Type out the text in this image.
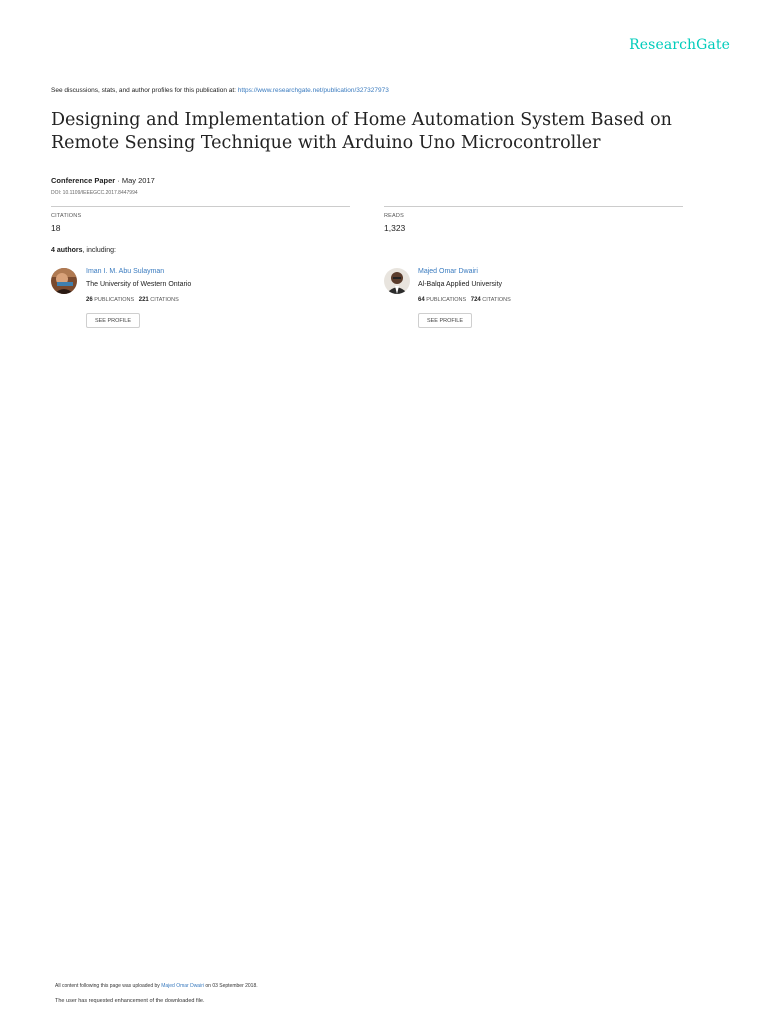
ResearchGate
See discussions, stats, and author profiles for this publication at: https://www.researchgate.net/publication/327327973
Designing and Implementation of Home Automation System Based on
Remote Sensing Technique with Arduino Uno Microcontroller
Conference Paper · May 2017
DOI: 10.1109/IEEEGCC.2017.8447994
CITATIONS
18
READS
1,323
4 authors, including:
Iman I. M. Abu Sulayman
The University of Western Ontario
26 PUBLICATIONS 221 CITATIONS
SEE PROFILE
Majed Omar Dwairi
Al-Balqa Applied University
64 PUBLICATIONS 724 CITATIONS
SEE PROFILE
All content following this page was uploaded by Majed Omar Dwairi on 03 September 2018.
The user has requested enhancement of the downloaded file.
